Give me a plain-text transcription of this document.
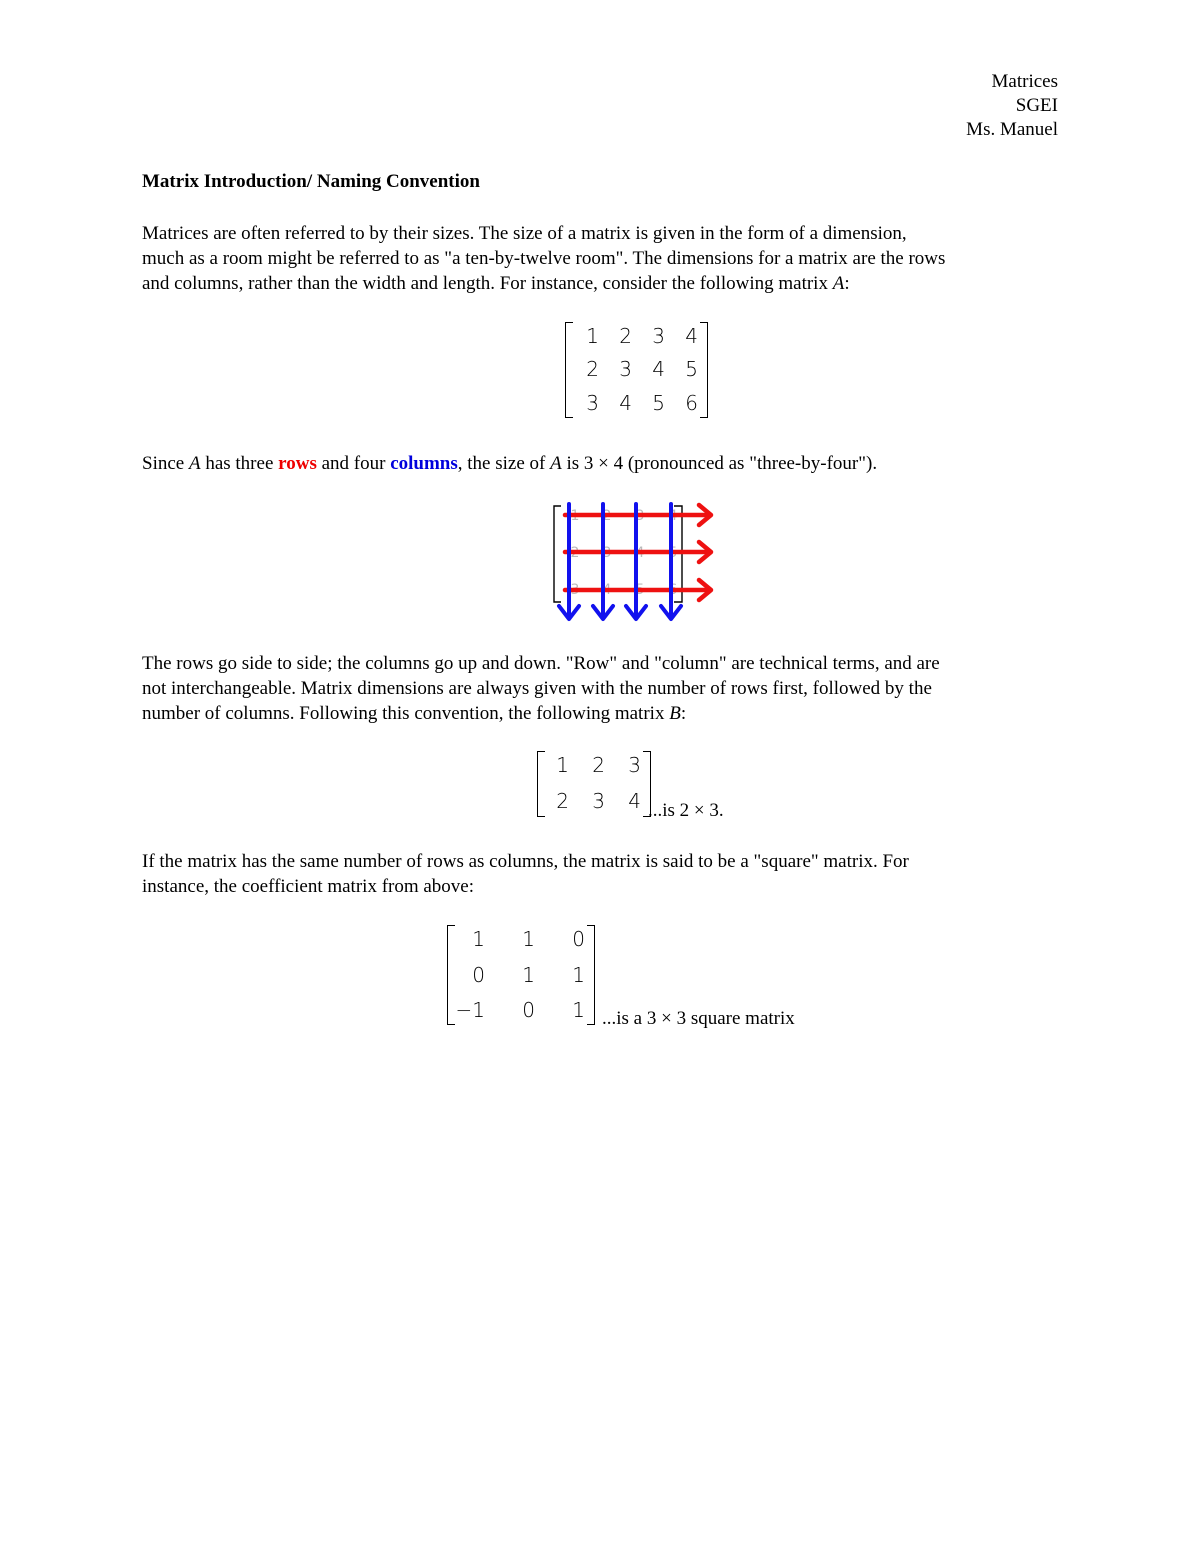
Matrices
SGEI
Ms. Manuel
Matrix Introduction/ Naming Convention
Matrices are often referred to by their sizes. The size of a matrix is given in the form of a dimension,
much as a room might be referred to as "a ten-by-twelve room". The dimensions for a matrix are the rows
and columns, rather than the width and length. For instance, consider the following matrix A:
1	2	3	4
2	3	4	5
3	4	5	6
Since A has three rows and four columns, the size of A is 3 × 4 (pronounced as "three-by-four").
1 2 3 4
2 3 4 5
3 4 5 6
The rows go side to side; the columns go up and down. "Row" and "column" are technical terms, and are
not interchangeable. Matrix dimensions are always given with the number of rows first, followed by the
number of columns. Following this convention, the following matrix B:
1	2	3
2	3	4 ...is 2 × 3.
If the matrix has the same number of rows as columns, the matrix is said to be a "square" matrix. For
instance, the coefficient matrix from above:
1	1	0
0	1	1
−1	0	1 ...is a 3 × 3 square matrix
